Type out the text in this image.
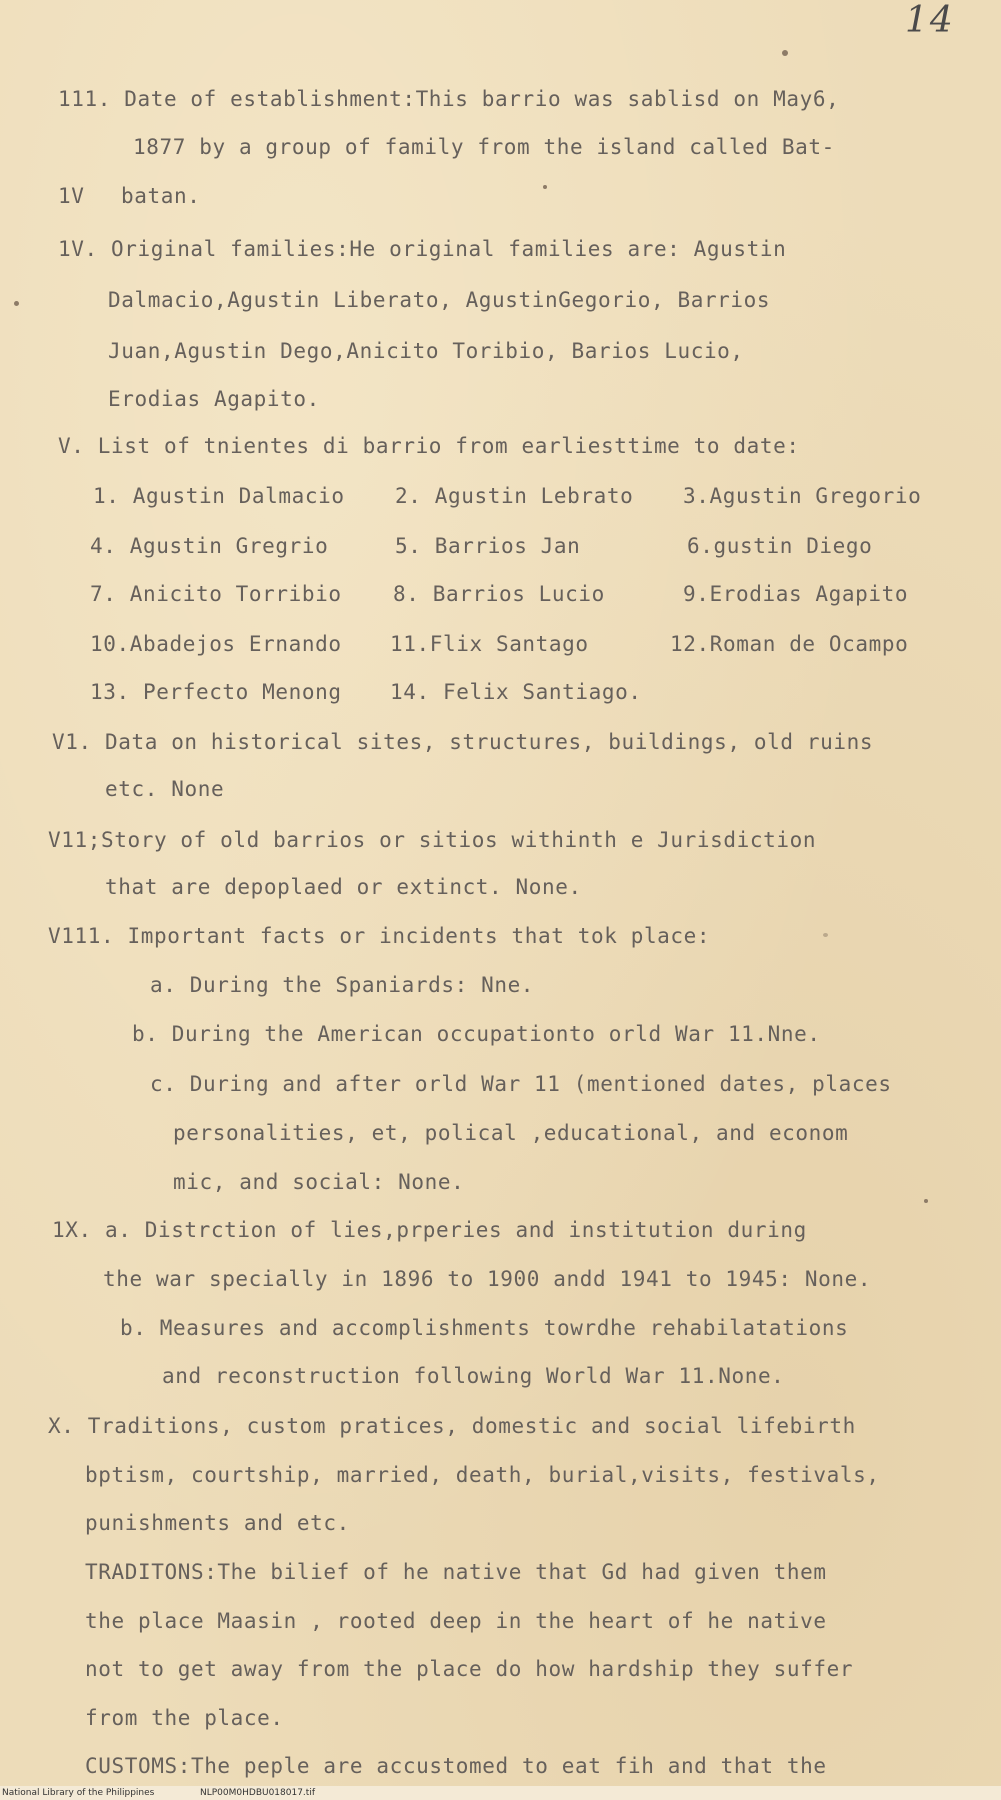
14
111. Date of establishment:This barrio was sablisd on May6,
1877 by a group of family from the island called Bat-
1V batan.
1V. Original families:He original families are: Agustin
Dalmacio,Agustin Liberato, AgustinGegorio, Barrios
Juan,Agustin Dego,Anicito Toribio, Barios Lucio,
Erodias Agapito.
V. List of tnientes di barrio from earliesttime to date:
1. Agustin Dalmacio 2. Agustin Lebrato 3.Agustin Gregorio
4. Agustin Gregrio	5. Barrios Jan	6.gustin Diego
7. Anicito Torribio 8. Barrios Lucio	9.Erodias Agapito
10.Abadejos Ernando 11.Flix Santago	12.Roman de Ocampo
13. Perfecto Menong 14. Felix Santiago.
V1. Data on historical sites, structures, buildings, old ruins
etc. None
V11;Story of old barrios or sitios withinth e Jurisdiction
that are depoplaed or extinct. None.
V111. Important facts or incidents that tok place:
a. During the Spaniards: Nne.
b. During the American occupationto orld War 11.Nne.
c. During and after orld War 11 (mentioned dates, places
personalities, et, polical ,educational, and econom
mic, and social: None.
1X. a. Distrction of lies,prperies and institution during
the war specially in 1896 to 1900 andd 1941 to 1945: None.
b. Measures and accomplishments towrdhe rehabilatations
and reconstruction following World War 11.None.
X. Traditions, custom pratices, domestic and social lifebirth
bptism, courtship, married, death, burial,visits, festivals,
punishments and etc.
TRADITONS:The bilief of he native that Gd had given them
the place Maasin , rooted deep in the heart of he native
not to get away from the place do how hardship they suffer
from the place.
CUSTOMS:The peple are accustomed to eat fih and that the
National Library of the Philippines	NLP00M0HDBU018017.tif
